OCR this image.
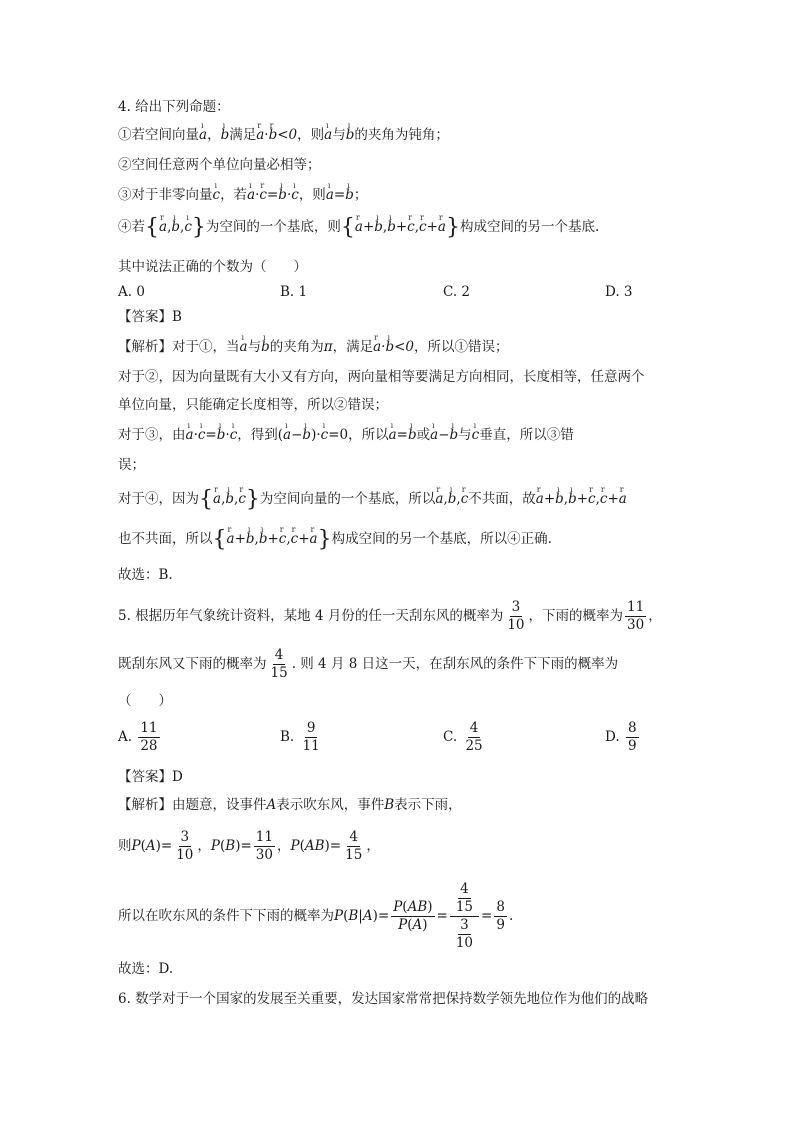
4. 给出下列命题：
①若空间向量ı a，ı b满足r a·r b<0，则ı a与ı b的夹角为钝角；
②空间任意两个单位向量必相等；
③对于非零向量ı c，若ı a·r c=ı b·ı c，则ı a=ı b；
④若{r a,ı b,ı c}为空间的一个基底，则{r a+ı b,ı b+r c,r c+r a}构成空间的另一个基底.
其中说法正确的个数为（　　）
A. 0	B. 1	C. 2	D. 3
【答案】B
【解析】对于①，当ı a与ı b的夹角为π，满足r a·ı b<0，所以①错误；
对于②，因为向量既有大小又有方向，两向量相等要满足方向相同，长度相等，任意两个
单位向量，只能确定长度相等，所以②错误；
对于③，由ı a·ı c=ı b·ı c，得到(ı a−ı b)·ı c=0，所以ı a=ı b或ı a−ı b与ı c垂直，所以③错
误；
对于④，因为{r a,ı b,r c}为空间向量的一个基底，所以r a,ı b,r c不共面，故r a+ı b,ı b+r c,r c+r a
也不共面，所以{r a+ı b,ı b+r c,r c+r a}构成空间的另一个基底，所以④正确.
故选：B.
5. 根据历年气象统计资料，某地 4 月份的任一天刮东风的概率为 $\frac{3}{10}$ ，下雨的概率为 $\frac{11}{30}$ ，
既刮东风又下雨的概率为 $\frac{4}{15}$ . 则 4 月 8 日这一天，在刮东风的条件下下雨的概率为
（　　）
A. $\frac{11}{28}$	B. $\frac{9}{11}$	C. $\frac{4}{25}$	D. $\frac{8}{9}$
【答案】D
【解析】由题意，设事件A表示吹东风，事件B表示下雨，
则$P(A)= \frac{3}{10}$ ，$P(B)= \frac{11}{30}$ ，$P(AB)= \frac{4}{15}$ ，
所以在吹东风的条件下下雨的概率为$P(B|A)= \frac{P(AB)}{P(A)} = \frac{\frac{4}{15}}{\frac{3}{10}} = \frac{8}{9}$ .
故选：D.
6. 数学对于一个国家的发展至关重要，发达国家常常把保持数学领先地位作为他们的战略
